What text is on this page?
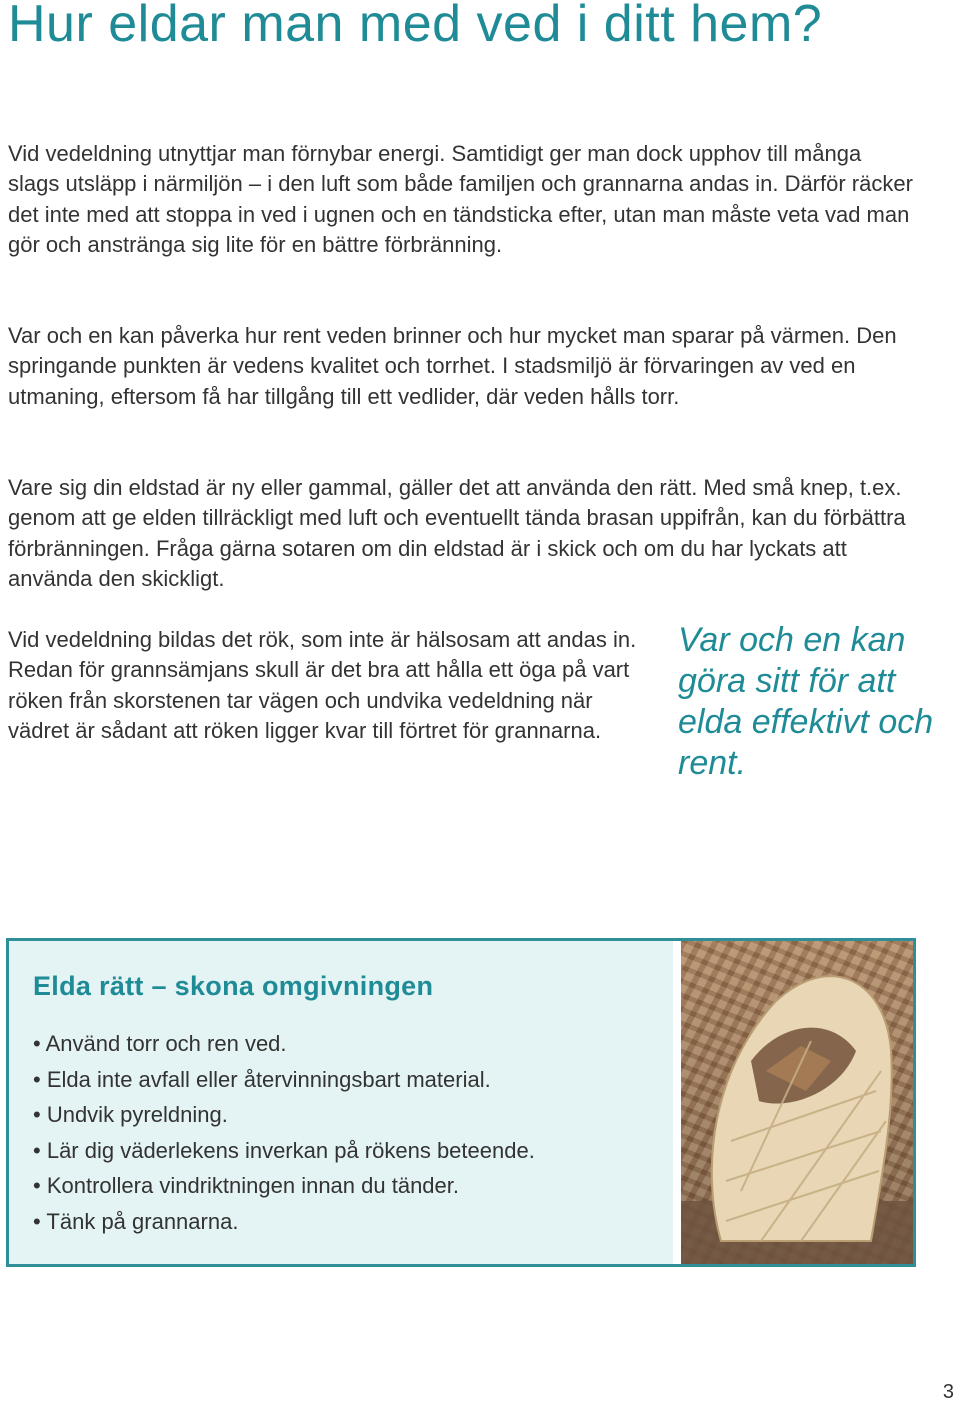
Hur eldar man med ved i ditt hem?

Vid vedeldning utnyttjar man förnybar energi. Samtidigt ger man dock upphov till många slags utsläpp i närmiljön – i den luft som både familjen och grannarna andas in. Därför räcker det inte med att stoppa in ved i ugnen och en tändsticka efter, utan man måste veta vad man gör och anstränga sig lite för en bättre förbränning.

Var och en kan påverka hur rent veden brinner och hur mycket man sparar på värmen. Den springande punkten är vedens kvalitet och torrhet. I stadsmiljö är förvaringen av ved en utmaning, eftersom få har tillgång till ett vedlider, där veden hålls torr.

Vare sig din eldstad är ny eller gammal, gäller det att använda den rätt. Med små knep, t.ex. genom att ge elden tillräckligt med luft och eventuellt tända brasan uppifrån, kan du förbättra förbränningen. Fråga gärna sotaren om din eldstad är i skick och om du har lyckats att använda den skickligt.

Vid vedeldning bildas det rök, som inte är hälsosam att andas in. Redan för grannsämjans skull är det bra att hålla ett öga på vart röken från skorstenen tar vägen och undvika vedeldning när vädret är sådant att röken ligger kvar till förtret för grannarna.

Var och en kan göra sitt för att elda effektivt och rent.

Elda rätt – skona omgivningen
• Använd torr och ren ved.
• Elda inte avfall eller återvinningsbart material.
• Undvik pyreldning.
• Lär dig väderlekens inverkan på rökens beteende.
• Kontrollera vindriktningen innan du tänder.
• Tänk på grannarna.

3
